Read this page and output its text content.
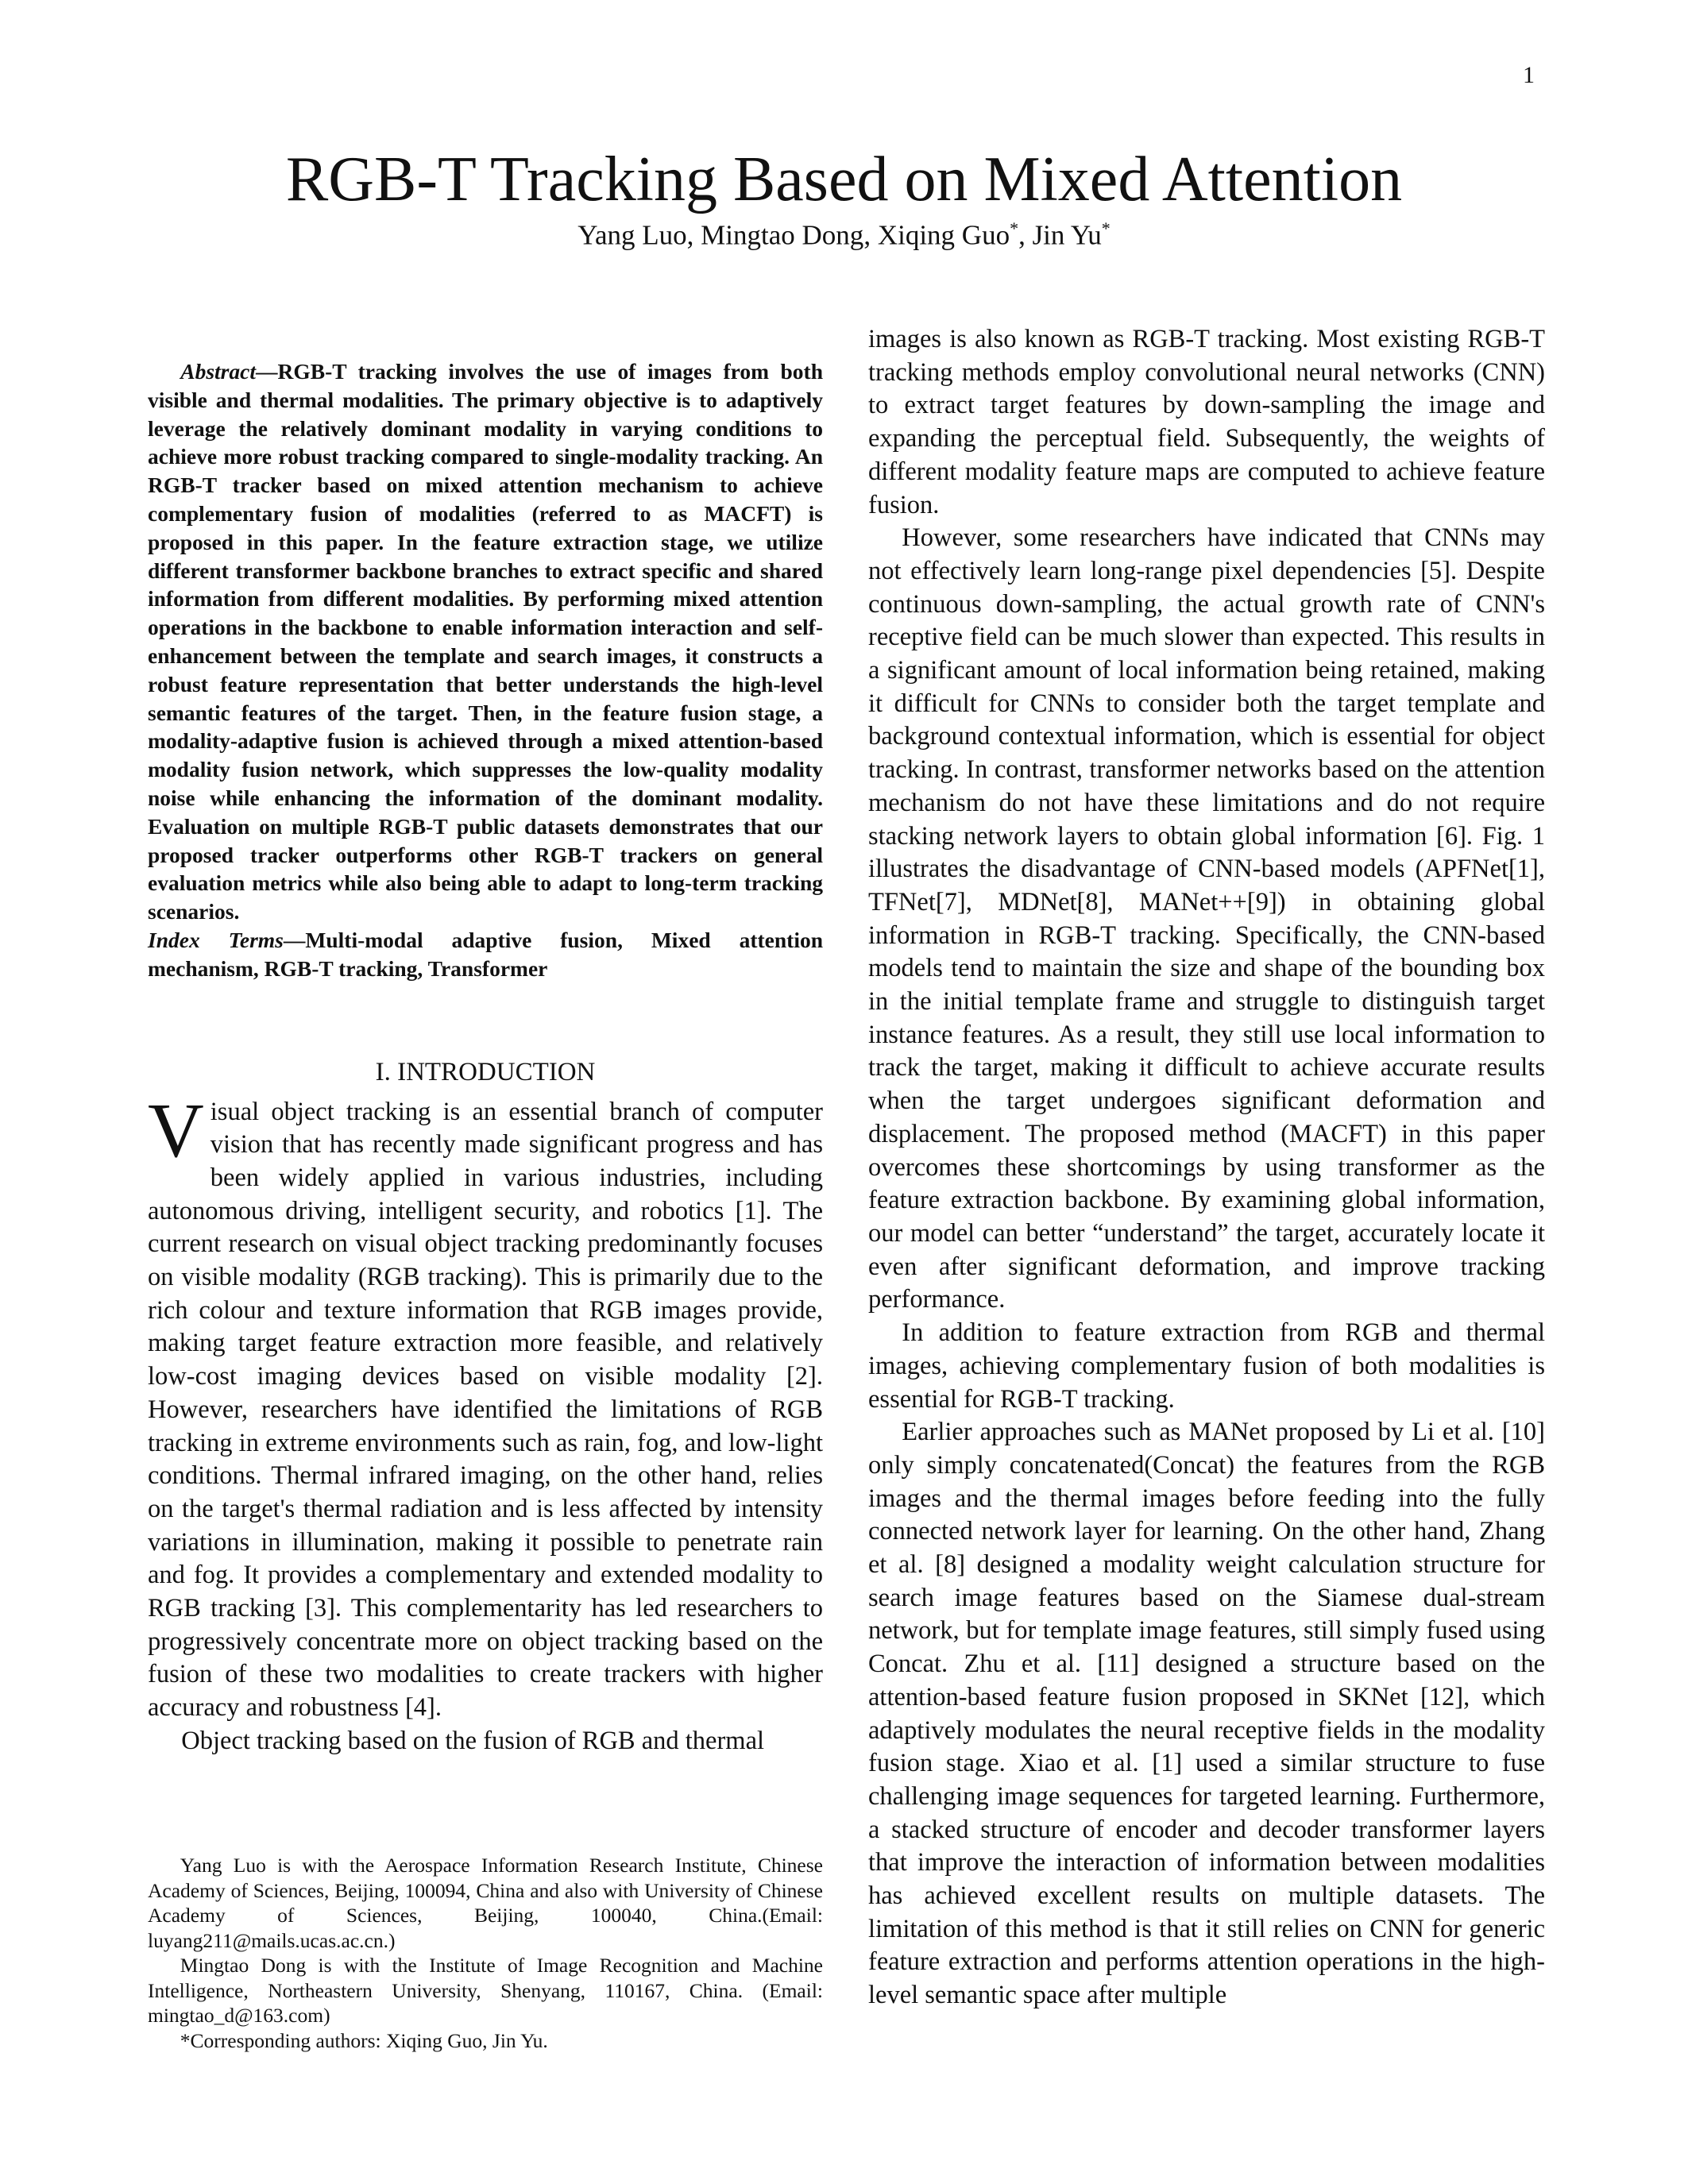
1
RGB-T Tracking Based on Mixed Attention
Yang Luo, Mingtao Dong, Xiqing Guo*, Jin Yu*

Abstract—RGB-T tracking involves the use of images from both visible and thermal modalities. The primary objective is to adaptively leverage the relatively dominant modality in varying conditions to achieve more robust tracking compared to single-modality tracking. An RGB-T tracker based on mixed attention mechanism to achieve complementary fusion of modalities (referred to as MACFT) is proposed in this paper. In the feature extraction stage, we utilize different transformer backbone branches to extract specific and shared information from different modalities. By performing mixed attention operations in the backbone to enable information interaction and self-enhancement between the template and search images, it constructs a robust feature representation that better understands the high-level semantic features of the target. Then, in the feature fusion stage, a modality-adaptive fusion is achieved through a mixed attention-based modality fusion network, which suppresses the low-quality modality noise while enhancing the information of the dominant modality. Evaluation on multiple RGB-T public datasets demonstrates that our proposed tracker outperforms other RGB-T trackers on general evaluation metrics while also being able to adapt to long-term tracking scenarios.

Index Terms—Multi-modal adaptive fusion, Mixed attention mechanism, RGB-T tracking, Transformer

I. INTRODUCTION

Visual object tracking is an essential branch of computer vision that has recently made significant progress and has been widely applied in various industries, including autonomous driving, intelligent security, and robotics [1]. The current research on visual object tracking predominantly focuses on visible modality (RGB tracking). This is primarily due to the rich colour and texture information that RGB images provide, making target feature extraction more feasible, and relatively low-cost imaging devices based on visible modality [2]. However, researchers have identified the limitations of RGB tracking in extreme environments such as rain, fog, and low-light conditions. Thermal infrared imaging, on the other hand, relies on the target's thermal radiation and is less affected by intensity variations in illumination, making it possible to penetrate rain and fog. It provides a complementary and extended modality to RGB tracking [3]. This complementarity has led researchers to progressively concentrate more on object tracking based on the fusion of these two modalities to create trackers with higher accuracy and robustness [4].

Object tracking based on the fusion of RGB and thermal

images is also known as RGB-T tracking. Most existing RGB-T tracking methods employ convolutional neural networks (CNN) to extract target features by down-sampling the image and expanding the perceptual field. Subsequently, the weights of different modality feature maps are computed to achieve feature fusion.

However, some researchers have indicated that CNNs may not effectively learn long-range pixel dependencies [5]. Despite continuous down-sampling, the actual growth rate of CNN's receptive field can be much slower than expected. This results in a significant amount of local information being retained, making it difficult for CNNs to consider both the target template and background contextual information, which is essential for object tracking. In contrast, transformer networks based on the attention mechanism do not have these limitations and do not require stacking network layers to obtain global information [6]. Fig. 1 illustrates the disadvantage of CNN-based models (APFNet[1], TFNet[7], MDNet[8], MANet++[9]) in obtaining global information in RGB-T tracking. Specifically, the CNN-based models tend to maintain the size and shape of the bounding box in the initial template frame and struggle to distinguish target instance features. As a result, they still use local information to track the target, making it difficult to achieve accurate results when the target undergoes significant deformation and displacement. The proposed method (MACFT) in this paper overcomes these shortcomings by using transformer as the feature extraction backbone. By examining global information, our model can better “understand” the target, accurately locate it even after significant deformation, and improve tracking performance.

In addition to feature extraction from RGB and thermal images, achieving complementary fusion of both modalities is essential for RGB-T tracking.

Earlier approaches such as MANet proposed by Li et al. [10] only simply concatenated(Concat) the features from the RGB images and the thermal images before feeding into the fully connected network layer for learning. On the other hand, Zhang et al. [8] designed a modality weight calculation structure for search image features based on the Siamese dual-stream network, but for template image features, still simply fused using Concat. Zhu et al. [11] designed a structure based on the attention-based feature fusion proposed in SKNet [12], which adaptively modulates the neural receptive fields in the modality fusion stage. Xiao et al. [1] used a similar structure to fuse challenging image sequences for targeted learning. Furthermore, a stacked structure of encoder and decoder transformer layers that improve the interaction of information between modalities has achieved excellent results on multiple datasets. The limitation of this method is that it still relies on CNN for generic feature extraction and performs attention operations in the high-level semantic space after multiple

Yang Luo is with the Aerospace Information Research Institute, Chinese Academy of Sciences, Beijing, 100094, China and also with University of Chinese Academy of Sciences, Beijing, 100040, China.(Email: luyang211@mails.ucas.ac.cn.)

Mingtao Dong is with the Institute of Image Recognition and Machine Intelligence, Northeastern University, Shenyang, 110167, China. (Email: mingtao_d@163.com)

*Corresponding authors: Xiqing Guo, Jin Yu.
